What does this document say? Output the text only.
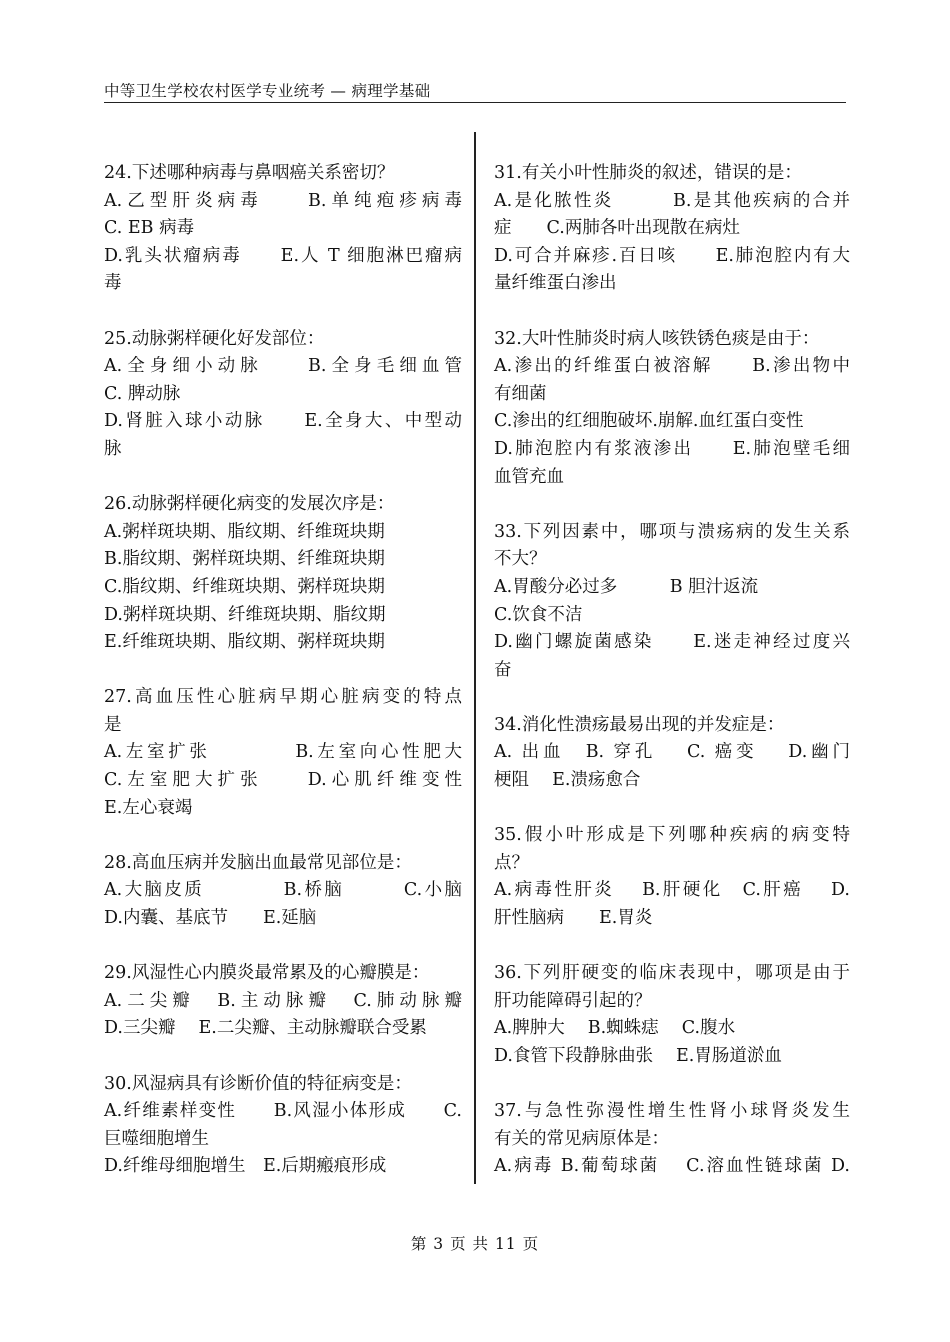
中等卫生学校农村医学专业统考 — 病理学基础
24.下述哪种病毒与鼻咽癌关系密切？
A.乙型肝炎病毒　　B.单纯疱疹病毒
C. EB 病毒
D.乳头状瘤病毒　　E.人 T 细胞淋巴瘤病
毒
25.动脉粥样硬化好发部位：
A.全身细小动脉　　B.全身毛细血管
C. 脾动脉
D.肾脏入球小动脉　　E.全身大、中型动
脉
26.动脉粥样硬化病变的发展次序是：
A.粥样斑块期、脂纹期、纤维斑块期
B.脂纹期、粥样斑块期、纤维斑块期
C.脂纹期、纤维斑块期、粥样斑块期
D.粥样斑块期、纤维斑块期、脂纹期
E.纤维斑块期、脂纹期、粥样斑块期
27.高血压性心脏病早期心脏病变的特点
是
A.左室扩张　　　　B.左室向心性肥大
C.左室肥大扩张　　D.心肌纤维变性
E.左心衰竭
28.高血压病并发脑出血最常见部位是：
A.大脑皮质　　　　B.桥脑　　　C.小脑
D.内囊、基底节　　E.延脑
29.风湿性心内膜炎最常累及的心瓣膜是：
A.二尖瓣　B.主动脉瓣　C.肺动脉瓣
D.三尖瓣　 E.二尖瓣、主动脉瓣联合受累
30.风湿病具有诊断价值的特征病变是：
A.纤维素样变性　　B.风湿小体形成　　C.
巨噬细胞增生
D.纤维母细胞增生　E.后期瘢痕形成
31.有关小叶性肺炎的叙述，错误的是：
A.是化脓性炎　　　B.是其他疾病的合并
症　　C.两肺各叶出现散在病灶
D.可合并麻疹.百日咳　　E.肺泡腔内有大
量纤维蛋白渗出
32.大叶性肺炎时病人咳铁锈色痰是由于：
A.渗出的纤维蛋白被溶解　　B.渗出物中
有细菌
C.渗出的红细胞破坏.崩解.血红蛋白变性
D.肺泡腔内有浆液渗出　　E.肺泡壁毛细
血管充血
33.下列因素中，哪项与溃疡病的发生关系
不大？
A.胃酸分必过多　　　B 胆汁返流
C.饮食不洁
D.幽门螺旋菌感染　　E.迷走神经过度兴
奋
34.消化性溃疡最易出现的并发症是：
A. 出血　B. 穿孔　 C. 癌变　 D.幽门
梗阻　 E.溃疡愈合
35.假小叶形成是下列哪种疾病的病变特
点？
A.病毒性肝炎　 B.肝硬化　C.肝癌　 D.
肝性脑病　　E.胃炎
36.下列肝硬变的临床表现中，哪项是由于
肝功能障碍引起的？
A.脾肿大　 B.蜘蛛痣　 C.腹水
D.食管下段静脉曲张　 E.胃肠道淤血
37.与急性弥漫性增生性肾小球肾炎发生
有关的常见病原体是：
A.病毒 B.葡萄球菌　 C.溶血性链球菌 D.
第 3 页 共 11 页
